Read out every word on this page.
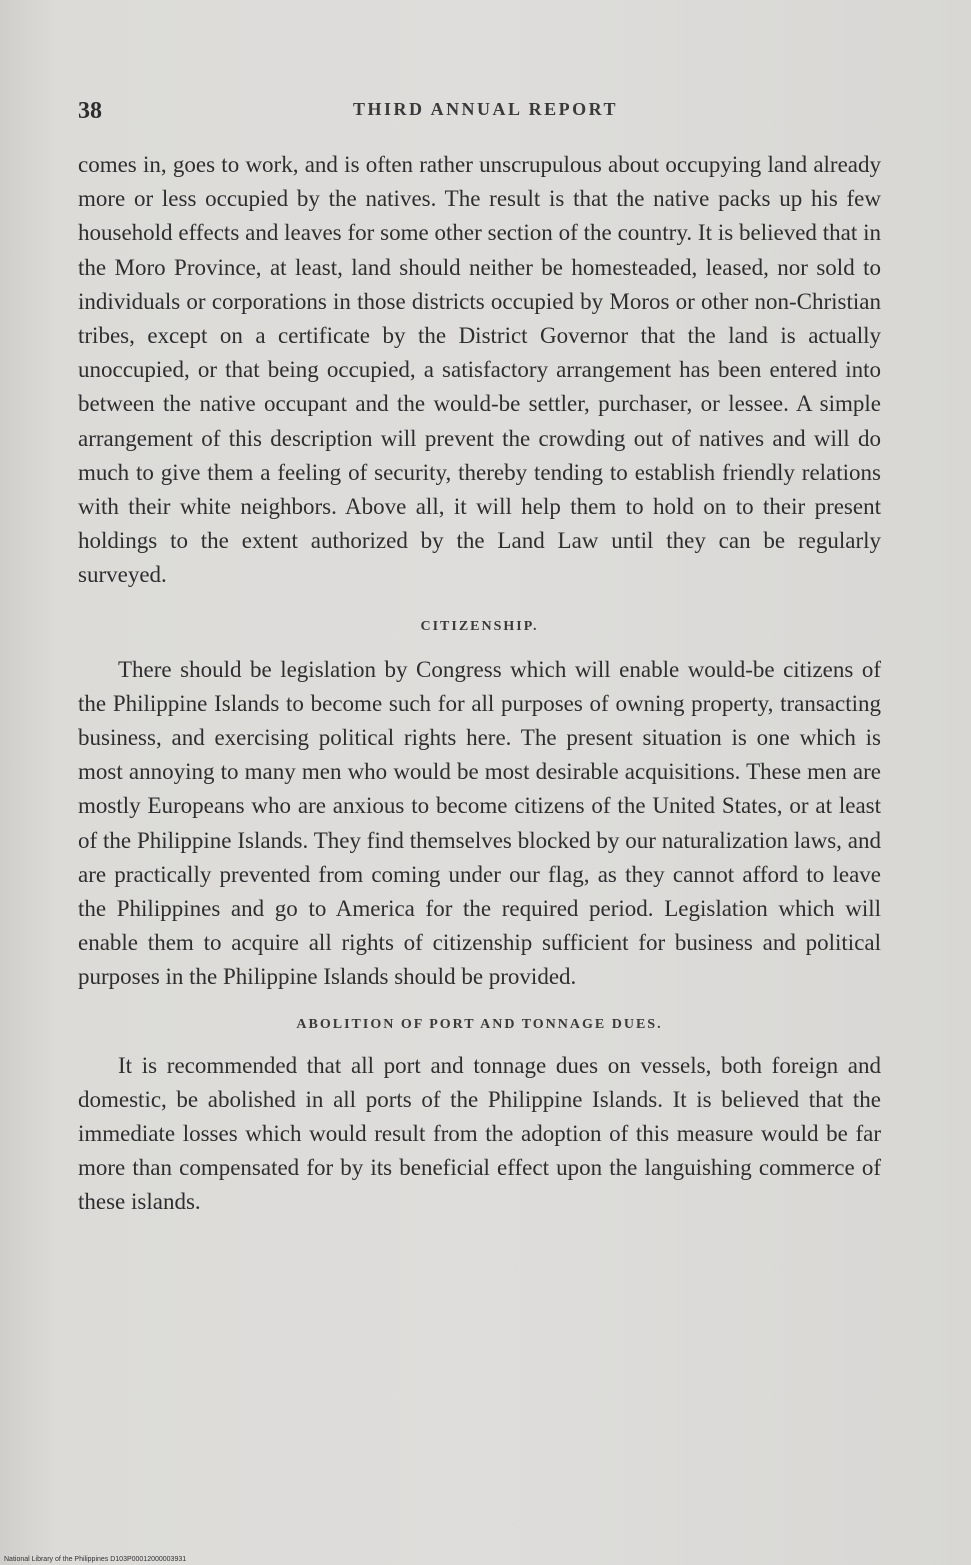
38	THIRD ANNUAL REPORT

comes in, goes to work, and is often rather unscrupulous about occupying land already more or less occupied by the natives. The result is that the native packs up his few household effects and leaves for some other section of the country. It is believed that in the Moro Province, at least, land should neither be homesteaded, leased, nor sold to individuals or corporations in those districts occupied by Moros or other non-Christian tribes, except on a certificate by the District Governor that the land is actually unoccupied, or that being occupied, a satisfactory arrangement has been entered into between the native occupant and the would-be settler, purchaser, or lessee. A simple arrangement of this description will prevent the crowding out of natives and will do much to give them a feeling of security, thereby tending to establish friendly relations with their white neighbors. Above all, it will help them to hold on to their present holdings to the extent authorized by the Land Law until they can be regularly surveyed.

CITIZENSHIP.

There should be legislation by Congress which will enable would-be citizens of the Philippine Islands to become such for all purposes of owning property, transacting business, and exercising political rights here. The present situation is one which is most annoying to many men who would be most desirable acquisitions. These men are mostly Europeans who are anxious to become citizens of the United States, or at least of the Philippine Islands. They find themselves blocked by our naturalization laws, and are practically prevented from coming under our flag, as they cannot afford to leave the Philippines and go to America for the required period. Legislation which will enable them to acquire all rights of citizenship sufficient for business and political purposes in the Philippine Islands should be provided.

ABOLITION OF PORT AND TONNAGE DUES.

It is recommended that all port and tonnage dues on vessels, both foreign and domestic, be abolished in all ports of the Philippine Islands. It is believed that the immediate losses which would result from the adoption of this measure would be far more than compensated for by its beneficial effect upon the languishing commerce of these islands.

National Library of the Philippines D103P00012000003931
